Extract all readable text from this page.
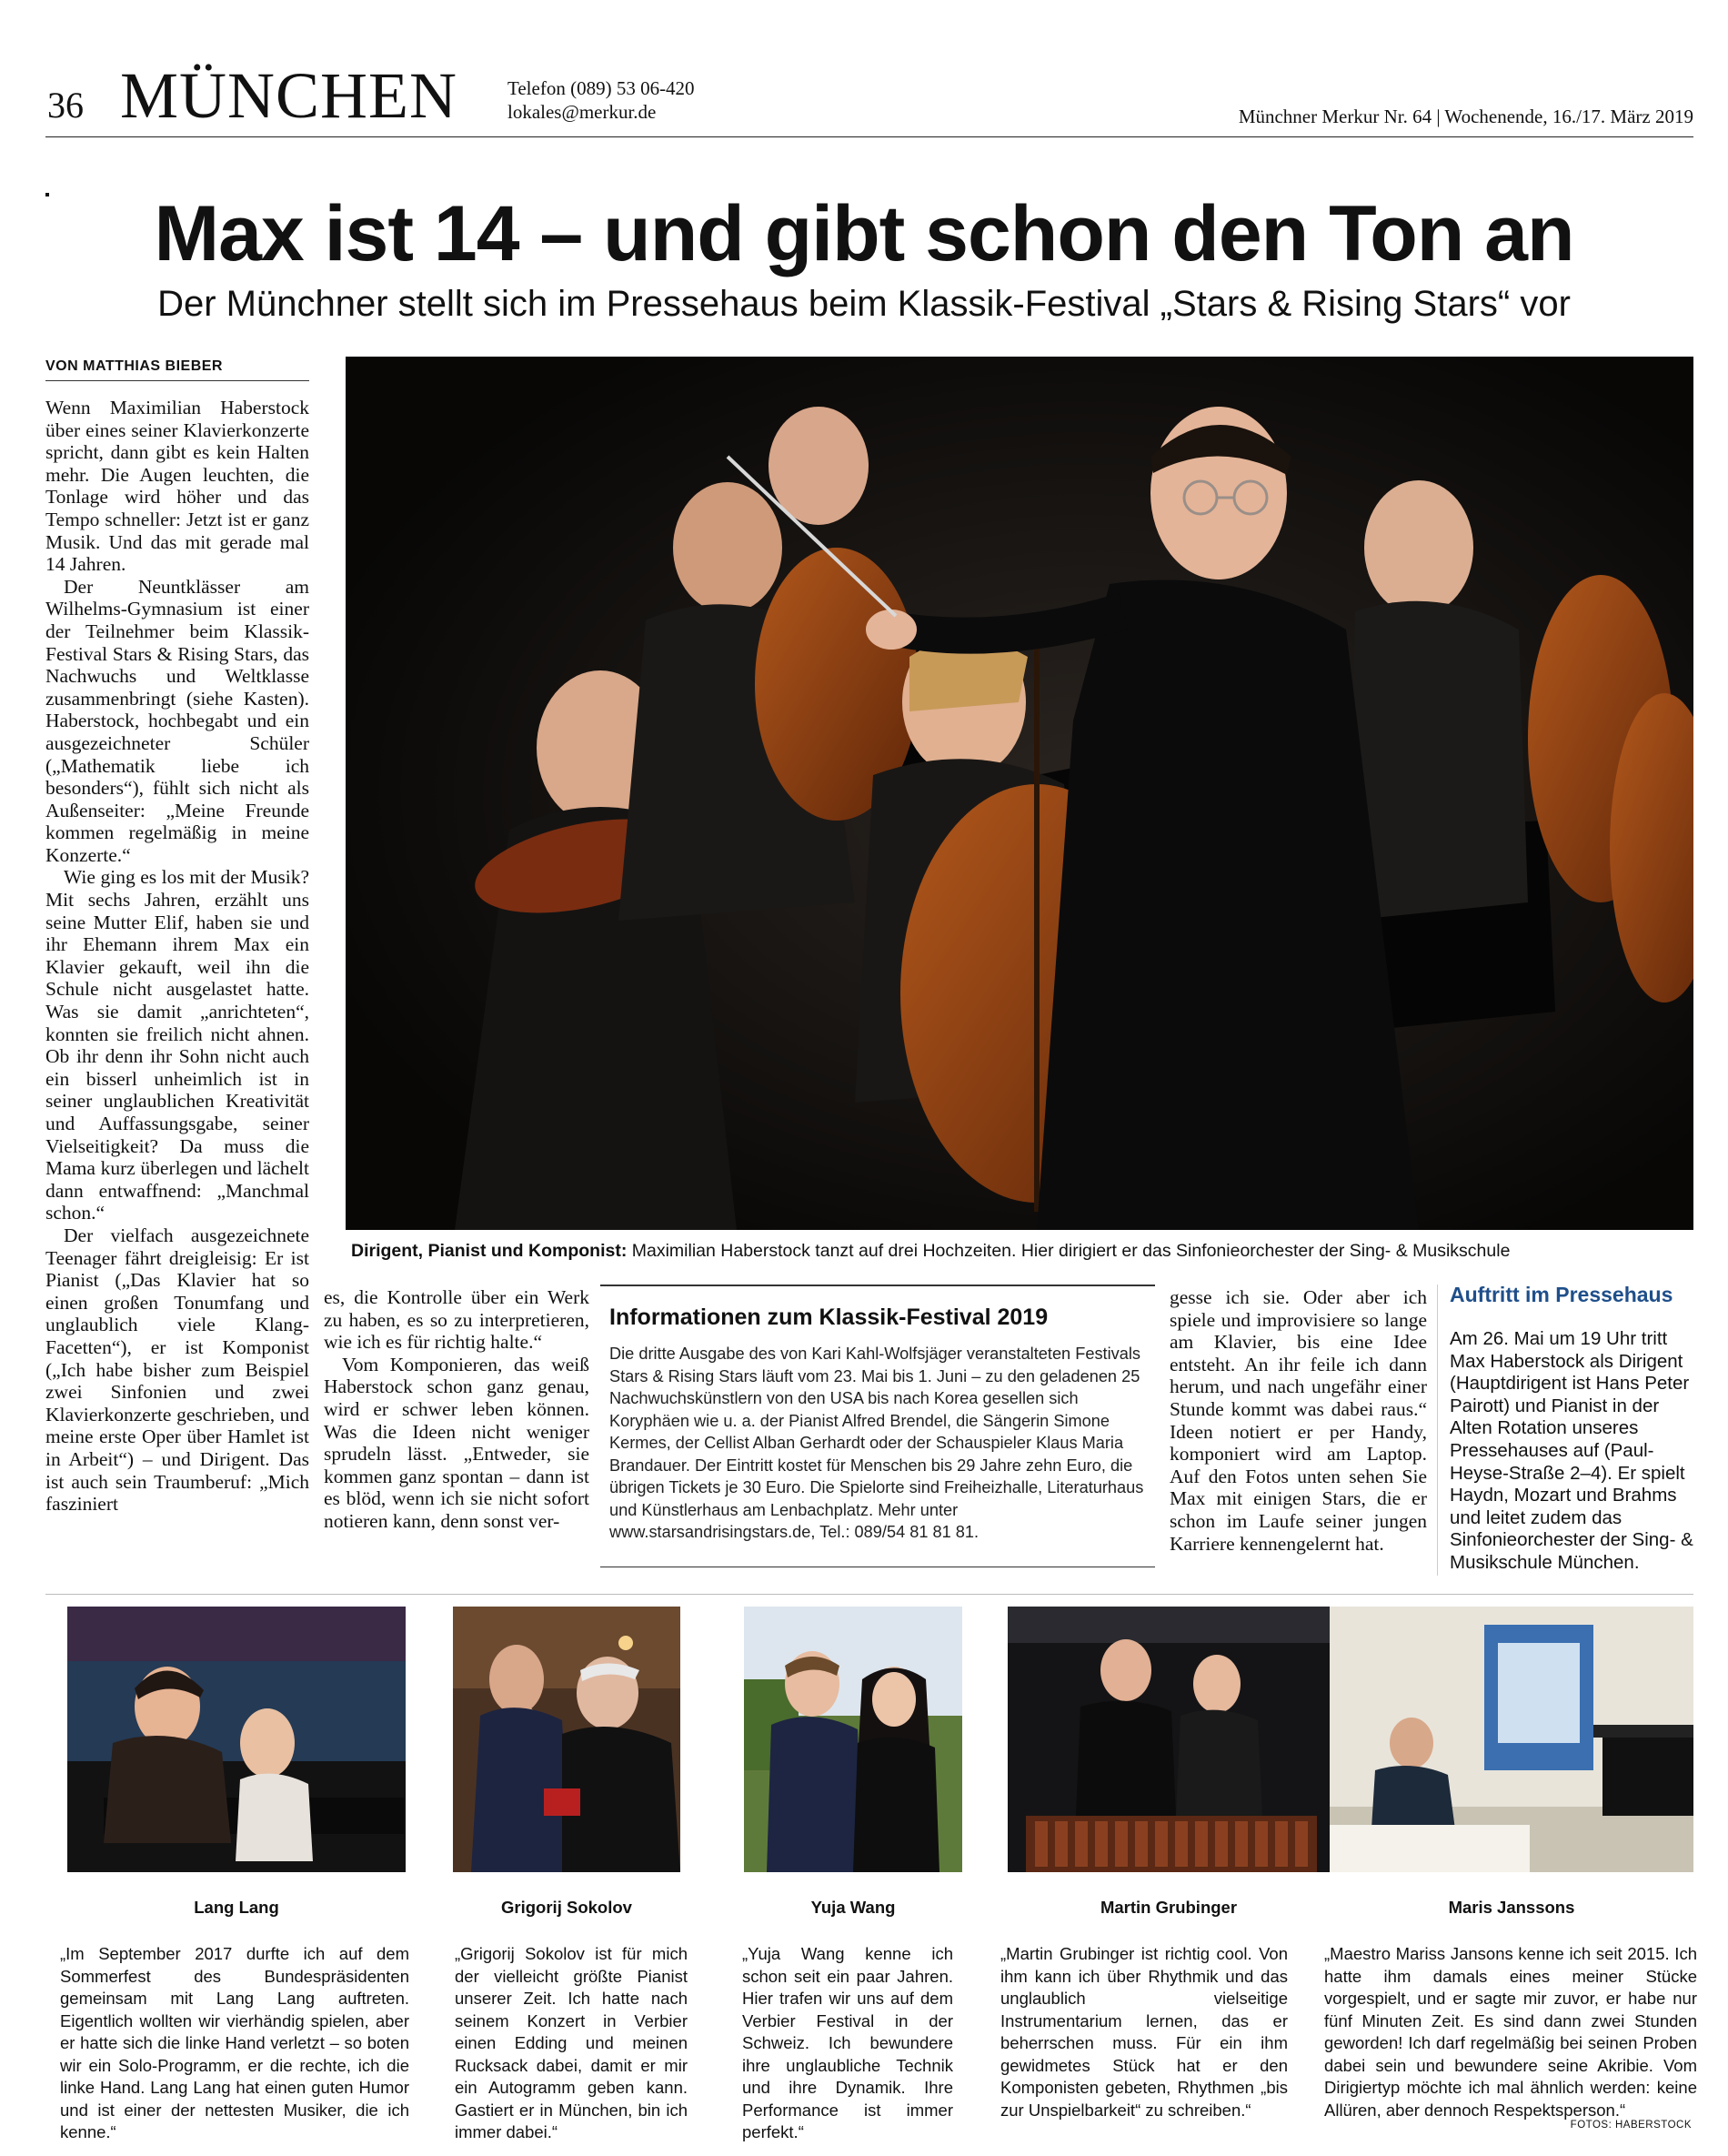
36 MÜNCHEN	Telefon (089) 53 06-420
lokales@merkur.de	Münchner Merkur Nr. 64 | Wochenende, 16./17. März 2019
Max ist 14 – und gibt schon den Ton an
Der Münchner stellt sich im Pressehaus beim Klassik-Festival „Stars & Rising Stars“ vor
VON MATTHIAS BIEBER

Wenn Maximilian Haberstock über eines seiner Klavierkonzerte spricht, dann gibt es kein Halten mehr. Die Augen leuchten, die Tonlage wird höher und das Tempo schneller: Jetzt ist er ganz Musik. Und das mit gerade mal 14 Jahren.

Der Neuntklässer am Wilhelms-Gymnasium ist einer der Teilnehmer beim Klassik-Festival Stars & Rising Stars, das Nachwuchs und Weltklasse zusammenbringt (siehe Kasten). Haberstock, hochbegabt und ein ausgezeichneter Schüler („Mathematik liebe ich besonders“), fühlt sich nicht als Außenseiter: „Meine Freunde kommen regelmäßig in meine Konzerte.“

Wie ging es los mit der Musik? Mit sechs Jahren, erzählt uns seine Mutter Elif, haben sie und ihr Ehemann ihrem Max ein Klavier gekauft, weil ihn die Schule nicht ausgelastet hatte. Was sie damit „anrichteten“, konnten sie freilich nicht ahnen. Ob ihr denn ihr Sohn nicht auch ein bisserl unheimlich ist in seiner unglaublichen Kreativität und Auffassungsgabe, seiner Vielseitigkeit? Da muss die Mama kurz überlegen und lächelt dann entwaffnend: „Manchmal schon.“

Der vielfach ausgezeichnete Teenager fährt dreigleisig: Er ist Pianist („Das Klavier hat so einen großen Tonumfang und unglaublich viele Klang-Facetten“), er ist Komponist („Ich habe bisher zum Beispiel zwei Sinfonien und zwei Klavierkonzerte geschrieben, und meine erste Oper über Hamlet ist in Arbeit“) – und Dirigent. Das ist auch sein Traumberuf: „Mich fasziniert

Dirigent, Pianist und Komponist: Maximilian Haberstock tanzt auf drei Hochzeiten. Hier dirigiert er das Sinfonieorchester der Sing- & Musikschule

es, die Kontrolle über ein Werk zu haben, es so zu interpretieren, wie ich es für richtig halte.“

Vom Komponieren, das weiß Haberstock schon ganz genau, wird er schwer leben können. Was die Ideen nicht weniger sprudeln lässt. „Entweder, sie kommen ganz spontan – dann ist es blöd, wenn ich sie nicht sofort notieren kann, denn sonst ver-

Informationen zum Klassik-Festival 2019
Die dritte Ausgabe des von Kari Kahl-Wolfsjäger veranstalteten Festivals Stars & Rising Stars läuft vom 23. Mai bis 1. Juni – zu den geladenen 25 Nachwuchskünstlern von den USA bis nach Korea gesellen sich Koryphäen wie u. a. der Pianist Alfred Brendel, die Sängerin Simone Kermes, der Cellist Alban Gerhardt oder der Schauspieler Klaus Maria Brandauer. Der Eintritt kostet für Menschen bis 29 Jahre zehn Euro, die übrigen Tickets je 30 Euro. Die Spielorte sind Freiheizhalle, Literaturhaus und Künstlerhaus am Lenbachplatz. Mehr unter www.starsandrisingstars.de, Tel.: 089/54 81 81 81.

gesse ich sie. Oder aber ich spiele und improvisiere so lange am Klavier, bis eine Idee entsteht. An ihr feile ich dann herum, und nach ungefähr einer Stunde kommt was dabei raus.“ Ideen notiert er per Handy, komponiert wird am Laptop. Auf den Fotos unten sehen Sie Max mit einigen Stars, die er schon im Laufe seiner jungen Karriere kennengelernt hat.

Auftritt im Pressehaus
Am 26. Mai um 19 Uhr tritt Max Haberstock als Dirigent (Hauptdirigent ist Hans Peter Pairott) und Pianist in der Alten Rotation unseres Pressehauses auf (Paul-Heyse-Straße 2–4). Er spielt Haydn, Mozart und Brahms und leitet zudem das Sinfonieorchester der Sing- & Musikschule München.
Lang Lang	Grigorij Sokolov	Yuja Wang	Martin Grubinger	Maris Janssons
„Im September 2017 durfte ich auf dem Sommerfest des Bundespräsidenten gemeinsam mit Lang Lang auftreten. Eigentlich wollten wir vierhändig spielen, aber er hatte sich die linke Hand verletzt – so boten wir ein Solo-Programm, er die rechte, ich die linke Hand. Lang Lang hat einen guten Humor und ist einer der nettesten Musiker, die ich kenne.“
„Grigorij Sokolov ist für mich der vielleicht größte Pianist unserer Zeit. Ich hatte nach seinem Konzert in Verbier einen Edding und meinen Rucksack dabei, damit er mir ein Autogramm geben kann. Gastiert er in München, bin ich immer dabei.“
„Yuja Wang kenne ich schon seit ein paar Jahren. Hier trafen wir uns auf dem Verbier Festival in der Schweiz. Ich bewundere ihre unglaubliche Technik und ihre Dynamik. Ihre Performance ist immer perfekt.“
„Martin Grubinger ist richtig cool. Von ihm kann ich über Rhythmik und das unglaublich vielseitige Instrumentarium lernen, das er beherrschen muss. Für ein ihm gewidmetes Stück hat er den Komponisten gebeten, Rhythmen „bis zur Unspielbarkeit“ zu schreiben.“
„Maestro Mariss Jansons kenne ich seit 2015. Ich hatte ihm damals eines meiner Stücke vorgespielt, und er sagte mir zuvor, er habe nur fünf Minuten Zeit. Es sind dann zwei Stunden geworden! Ich darf regelmäßig bei seinen Proben dabei sein und bewundere seine Akribie. Vom Dirigiertyp möchte ich mal ähnlich werden: keine Allüren, aber dennoch Respektsperson.“
FOTOS: HABERSTOCK
